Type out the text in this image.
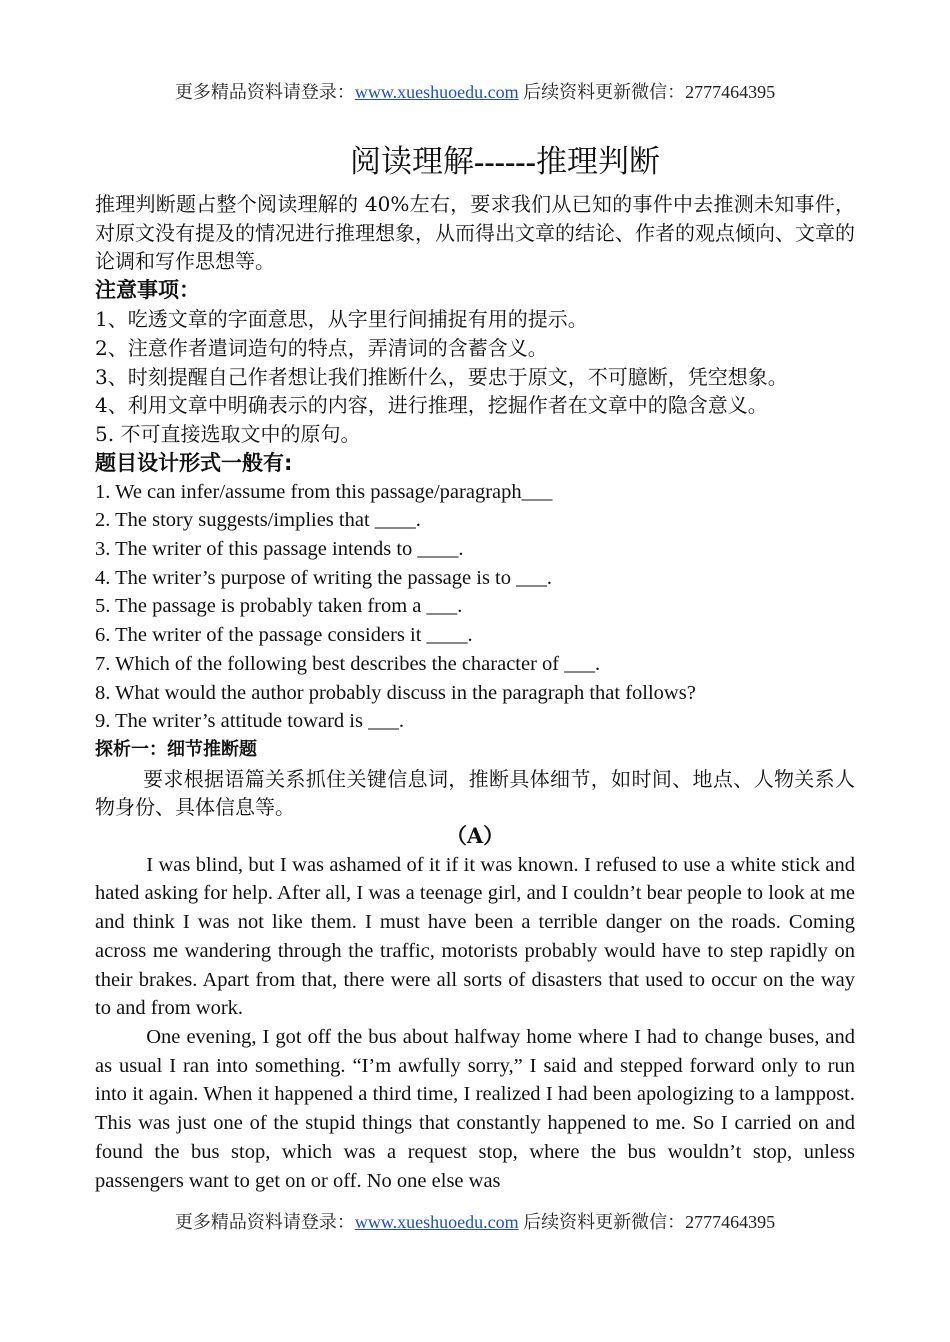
更多精品资料请登录：www.xueshuoedu.com 后续资料更新微信：2777464395
阅读理解------推理判断

推理判断题占整个阅读理解的 40%左右，要求我们从已知的事件中去推测未知事件，对原文没有提及的情况进行推理想象，从而得出文章的结论、作者的观点倾向、文章的论调和写作思想等。

注意事项：

1、吃透文章的字面意思，从字里行间捕捉有用的提示。

2、注意作者遣词造句的特点，弄清词的含蓄含义。

3、时刻提醒自己作者想让我们推断什么，要忠于原文，不可臆断，凭空想象。

4、利用文章中明确表示的内容，进行推理，挖掘作者在文章中的隐含意义。

5. 不可直接选取文中的原句。

题目设计形式一般有:

1. We can infer/assume from this passage/paragraph___

2. The story suggests/implies that ____.

3. The writer of this passage intends to ____.

4. The writer’s purpose of writing the passage is to ___.

5. The passage is probably taken from a ___.

6. The writer of the passage considers it ____.

7. Which of the following best describes the character of ___.

8. What would the author probably discuss in the paragraph that follows?

9. The writer’s attitude toward is ___.

探析一：细节推断题

要求根据语篇关系抓住关键信息词，推断具体细节，如时间、地点、人物关系人物身份、具体信息等。

（A）

I was blind, but I was ashamed of it if it was known. I refused to use a white stick and hated asking for help. After all, I was a teenage girl, and I couldn’t bear people to look at me and think I was not like them. I must have been a terrible danger on the roads. Coming across me wandering through the traffic, motorists probably would have to step rapidly on their brakes. Apart from that, there were all sorts of disasters that used to occur on the way to and from work.

One evening, I got off the bus about halfway home where I had to change buses, and as usual I ran into something. “I’m awfully sorry,” I said and stepped forward only to run into it again. When it happened a third time, I realized I had been apologizing to a lamppost. This was just one of the stupid things that constantly happened to me. So I carried on and found the bus stop, which was a request stop, where the bus wouldn’t stop, unless passengers want to get on or off. No one else was

更多精品资料请登录：www.xueshuoedu.com 后续资料更新微信：2777464395
